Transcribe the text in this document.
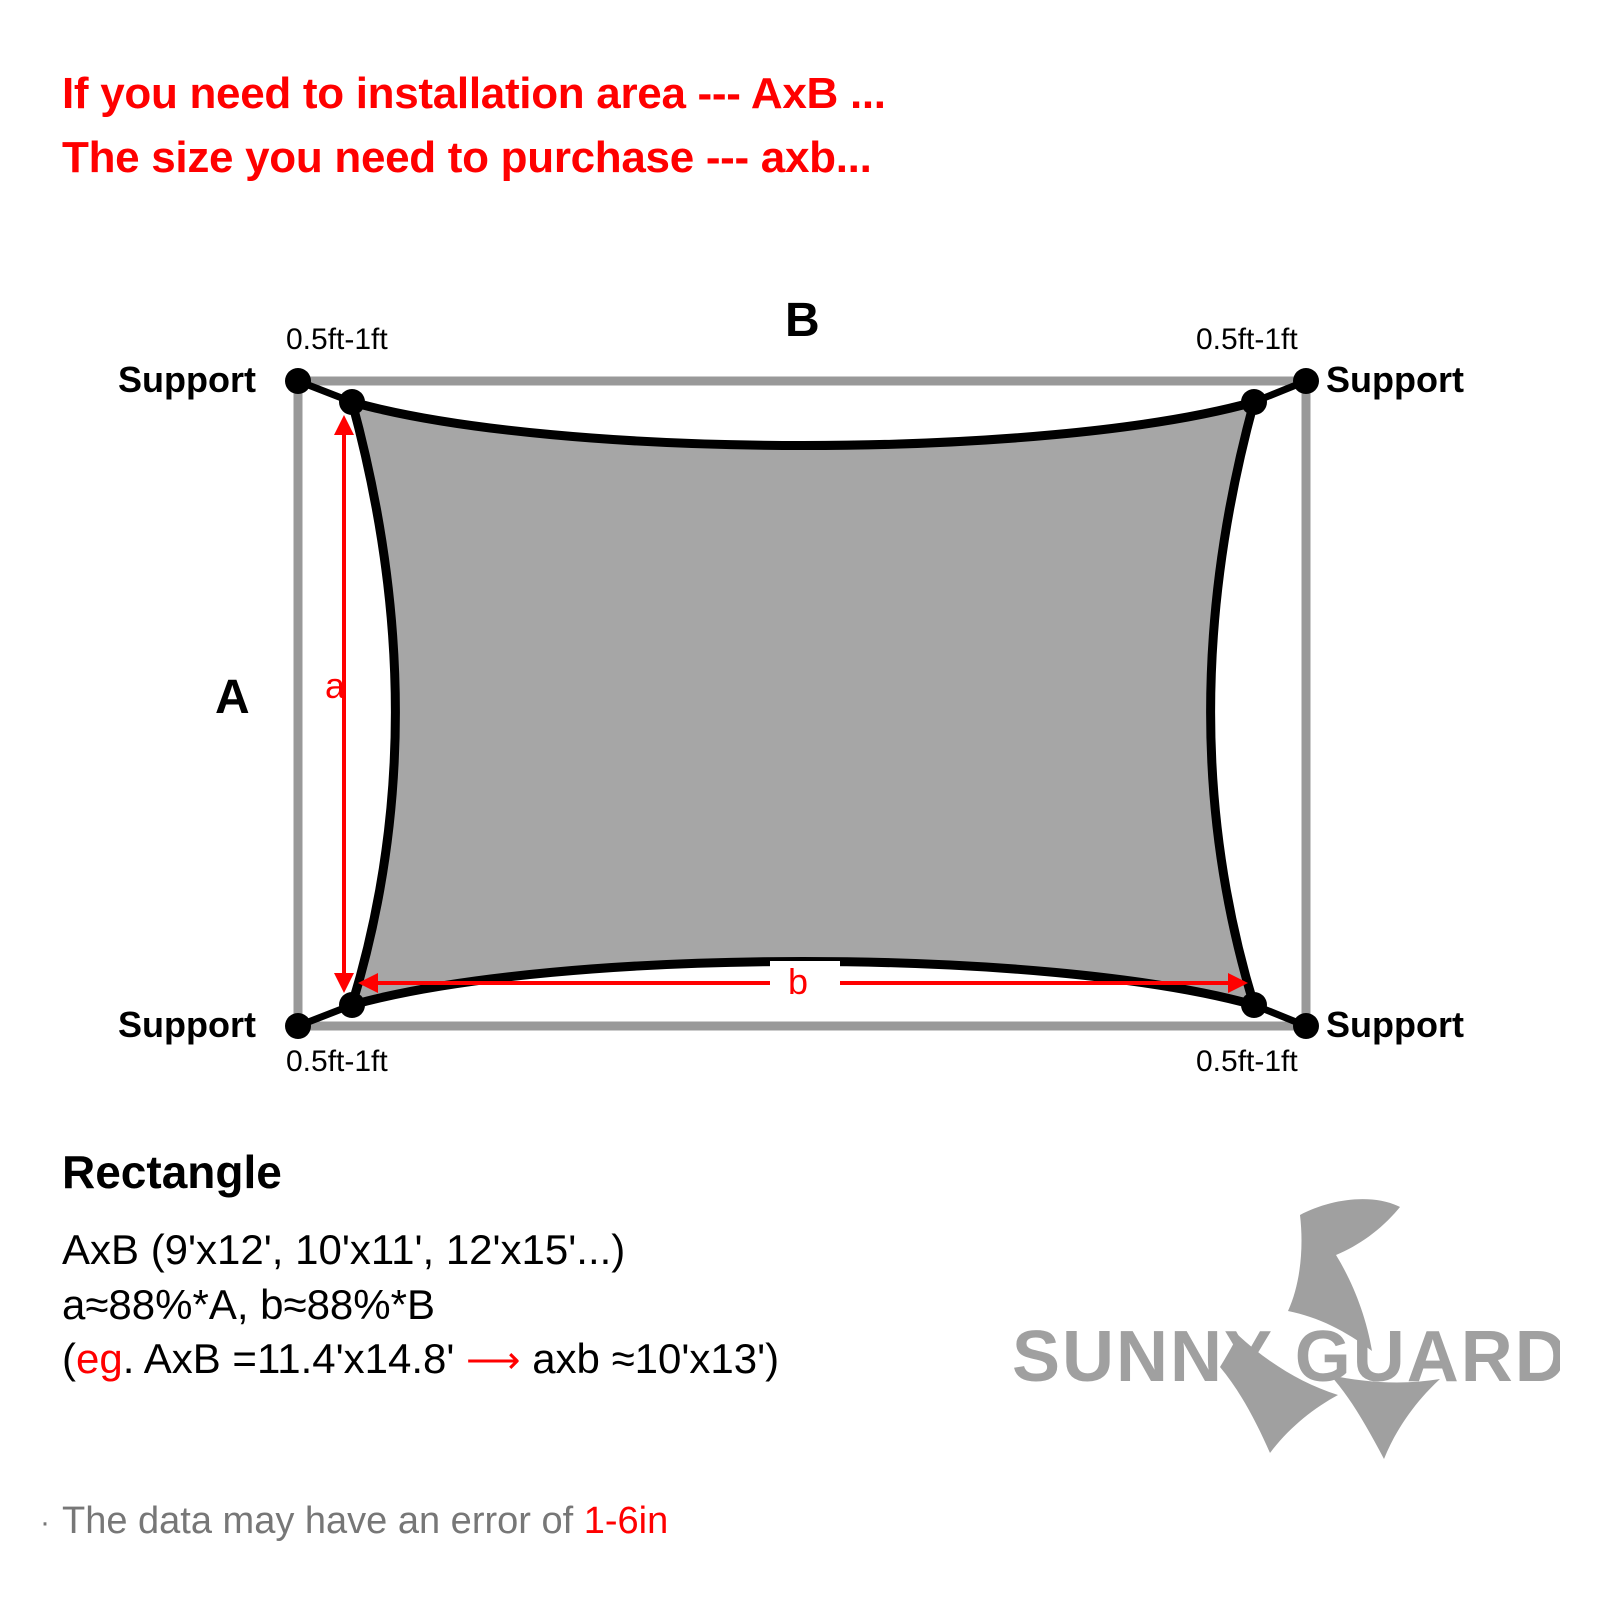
If you need to installation area --- AxB ...
The size you need to purchase --- axb...
B
A a
b
Support	Support
Support	Support
0.5ft-1ft	0.5ft-1ft
0.5ft-1ft	0.5ft-1ft
Rectangle
AxB (9'x12', 10'x11', 12'x15'...)
a≈88%*A, b≈88%*B
(eg. AxB =11.4'x14.8' ⟶ axb ≈10'x13')
· The data may have an error of 1-6in
SUNNY GUARD
